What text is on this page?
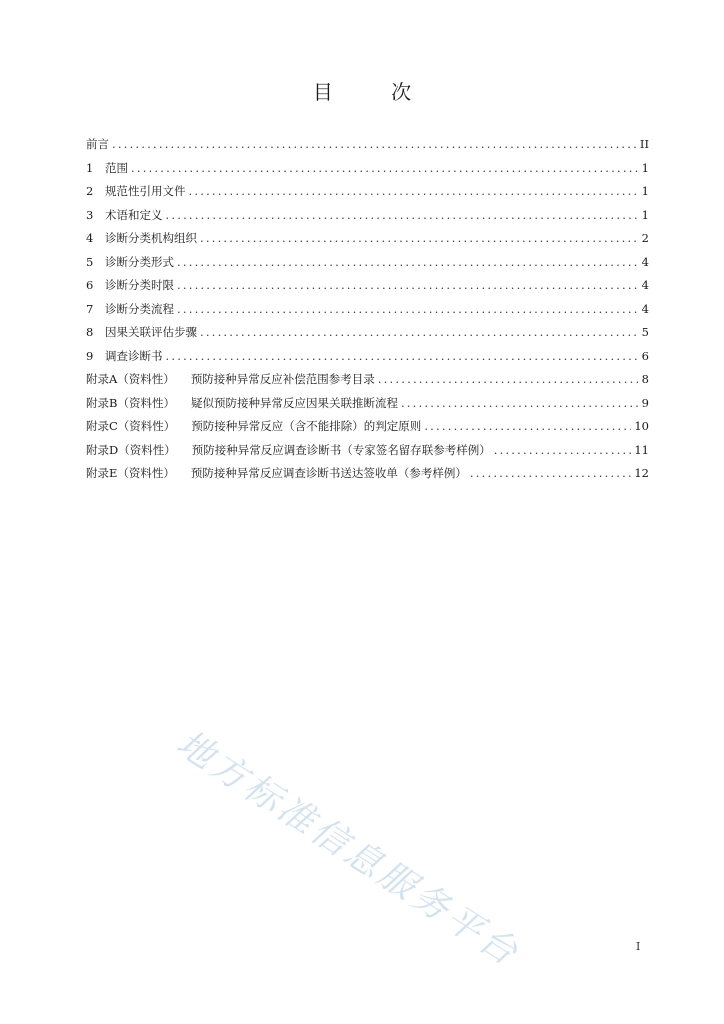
目 次
前言 .....	II
1	范围 .....	1
2	规范性引用文件 .....	1
3	术语和定义 .....	1
4	诊断分类机构组织 .....	2
5	诊断分类形式 .....	4
6	诊断分类时限 .....	4
7	诊断分类流程 .....	4
8	因果关联评估步骤 .....	5
9	调查诊断书 .....	6
附录A（资料性） 预防接种异常反应补偿范围参考目录 .....	8
附录B（资料性） 疑似预防接种异常反应因果关联推断流程 .....	9
附录C（资料性） 预防接种异常反应（含不能排除）的判定原则 .....	10
附录D（资料性） 预防接种异常反应调查诊断书（专家签名留存联参考样例） .....	11
附录E（资料性） 预防接种异常反应调查诊断书送达签收单（参考样例） .....	12
地方标准信息服务平台	I
